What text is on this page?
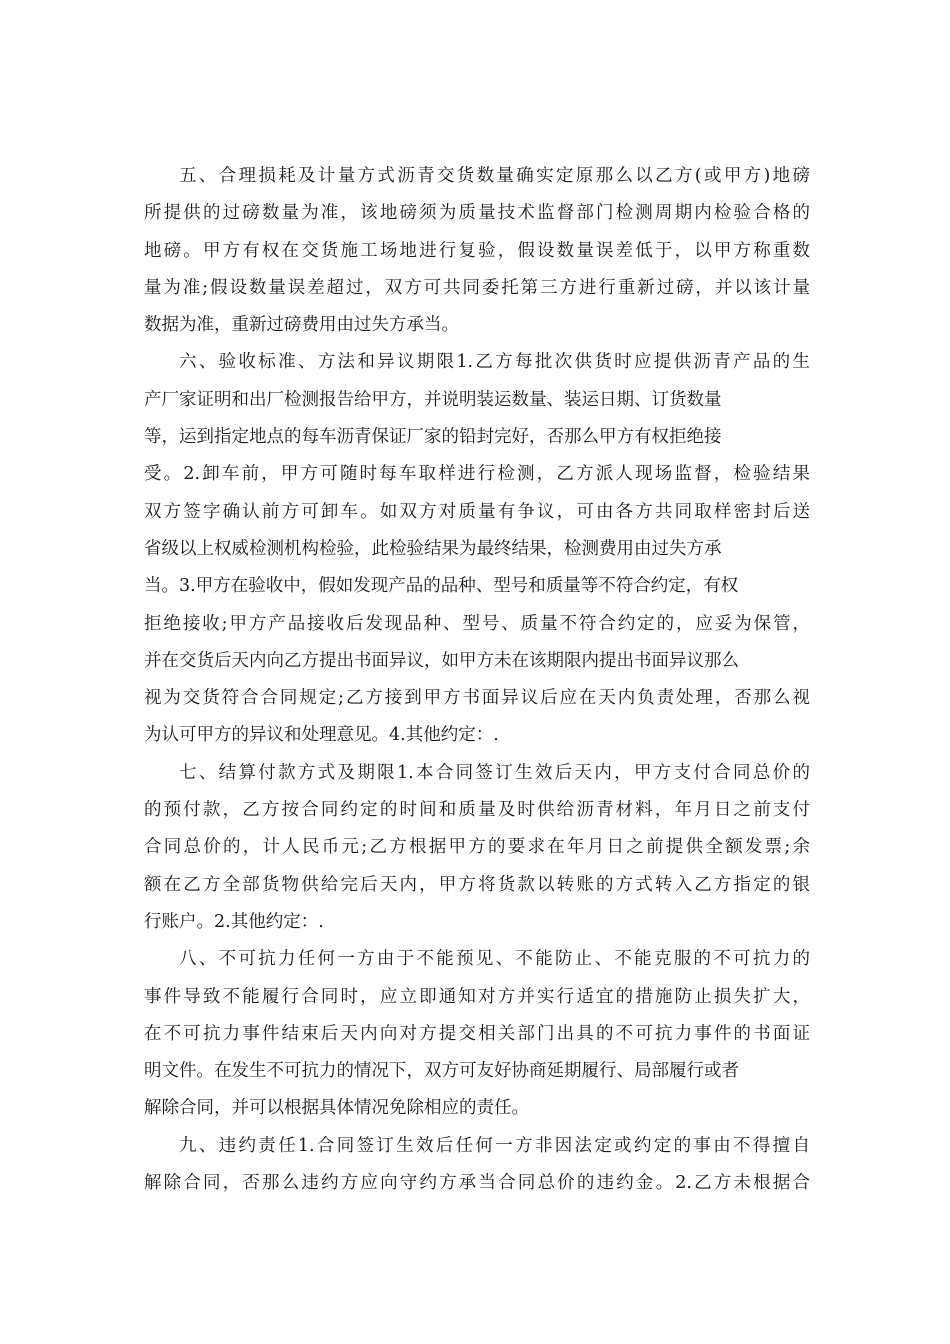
五、合理损耗及计量方式沥青交货数量确实定原那么以乙方(或甲方)地磅
所提供的过磅数量为准，该地磅须为质量技术监督部门检测周期内检验合格的
地磅。甲方有权在交货施工场地进行复验，假设数量误差低于，以甲方称重数
量为准;假设数量误差超过，双方可共同委托第三方进行重新过磅，并以该计量
数据为准，重新过磅费用由过失方承当。
六、验收标准、方法和异议期限1.乙方每批次供货时应提供沥青产品的生
产厂家证明和出厂检测报告给甲方，并说明装运数量、装运日期、订货数量
等，运到指定地点的每车沥青保证厂家的铅封完好，否那么甲方有权拒绝接
受。2.卸车前，甲方可随时每车取样进行检测，乙方派人现场监督，检验结果
双方签字确认前方可卸车。如双方对质量有争议，可由各方共同取样密封后送
省级以上权威检测机构检验，此检验结果为最终结果，检测费用由过失方承
当。3.甲方在验收中，假如发现产品的品种、型号和质量等不符合约定，有权
拒绝接收;甲方产品接收后发现品种、型号、质量不符合约定的，应妥为保管，
并在交货后天内向乙方提出书面异议，如甲方未在该期限内提出书面异议那么
视为交货符合合同规定;乙方接到甲方书面异议后应在天内负责处理，否那么视
为认可甲方的异议和处理意见。4.其他约定：.
七、结算付款方式及期限1.本合同签订生效后天内，甲方支付合同总价的
的预付款，乙方按合同约定的时间和质量及时供给沥青材料，年月日之前支付
合同总价的，计人民币元;乙方根据甲方的要求在年月日之前提供全额发票;余
额在乙方全部货物供给完后天内，甲方将货款以转账的方式转入乙方指定的银
行账户。2.其他约定：.
八、不可抗力任何一方由于不能预见、不能防止、不能克服的不可抗力的
事件导致不能履行合同时，应立即通知对方并实行适宜的措施防止损失扩大，
在不可抗力事件结束后天内向对方提交相关部门出具的不可抗力事件的书面证
明文件。在发生不可抗力的情况下，双方可友好协商延期履行、局部履行或者
解除合同，并可以根据具体情况免除相应的责任。
九、违约责任1.合同签订生效后任何一方非因法定或约定的事由不得擅自
解除合同，否那么违约方应向守约方承当合同总价的违约金。2.乙方未根据合
